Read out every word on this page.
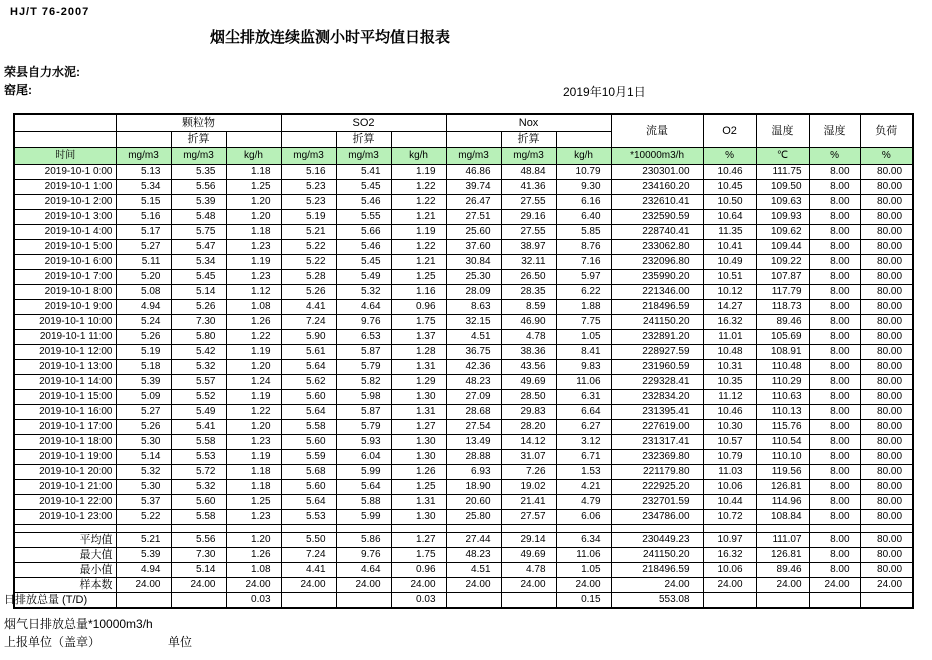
HJ/T 76-2007
烟尘排放连续监测小时平均值日报表
荣县自力水泥:
窑尾:	2019年10月1日
	颗粒物			SO2			Nox			流量	O2	温度	湿度	负荷
		折算			折算			折算						
时间	mg/m3	mg/m3	kg/h	mg/m3	mg/m3	kg/h	mg/m3	mg/m3	kg/h	*10000m3/h	%	℃	%	%
2019-10-1 0:00	5.13	5.35	1.18	5.16	5.41	1.19	46.86	48.84	10.79	230301.00	10.46	111.75	8.00	80.00
2019-10-1 1:00	5.34	5.56	1.25	5.23	5.45	1.22	39.74	41.36	9.30	234160.20	10.45	109.50	8.00	80.00
2019-10-1 2:00	5.15	5.39	1.20	5.23	5.46	1.22	26.47	27.55	6.16	232610.41	10.50	109.63	8.00	80.00
2019-10-1 3:00	5.16	5.48	1.20	5.19	5.55	1.21	27.51	29.16	6.40	232590.59	10.64	109.93	8.00	80.00
2019-10-1 4:00	5.17	5.75	1.18	5.21	5.66	1.19	25.60	27.55	5.85	228740.41	11.35	109.62	8.00	80.00
2019-10-1 5:00	5.27	5.47	1.23	5.22	5.46	1.22	37.60	38.97	8.76	233062.80	10.41	109.44	8.00	80.00
2019-10-1 6:00	5.11	5.34	1.19	5.22	5.45	1.21	30.84	32.11	7.16	232096.80	10.49	109.22	8.00	80.00
2019-10-1 7:00	5.20	5.45	1.23	5.28	5.49	1.25	25.30	26.50	5.97	235990.20	10.51	107.87	8.00	80.00
2019-10-1 8:00	5.08	5.14	1.12	5.26	5.32	1.16	28.09	28.35	6.22	221346.00	10.12	117.79	8.00	80.00
2019-10-1 9:00	4.94	5.26	1.08	4.41	4.64	0.96	8.63	8.59	1.88	218496.59	14.27	118.73	8.00	80.00
2019-10-1 10:00	5.24	7.30	1.26	7.24	9.76	1.75	32.15	46.90	7.75	241150.20	16.32	89.46	8.00	80.00
2019-10-1 11:00	5.26	5.80	1.22	5.90	6.53	1.37	4.51	4.78	1.05	232891.20	11.01	105.69	8.00	80.00
2019-10-1 12:00	5.19	5.42	1.19	5.61	5.87	1.28	36.75	38.36	8.41	228927.59	10.48	108.91	8.00	80.00
2019-10-1 13:00	5.18	5.32	1.20	5.64	5.79	1.31	42.36	43.56	9.83	231960.59	10.31	110.48	8.00	80.00
2019-10-1 14:00	5.39	5.57	1.24	5.62	5.82	1.29	48.23	49.69	11.06	229328.41	10.35	110.29	8.00	80.00
2019-10-1 15:00	5.09	5.52	1.19	5.60	5.98	1.30	27.09	28.50	6.31	232834.20	11.12	110.63	8.00	80.00
2019-10-1 16:00	5.27	5.49	1.22	5.64	5.87	1.31	28.68	29.83	6.64	231395.41	10.46	110.13	8.00	80.00
2019-10-1 17:00	5.26	5.41	1.20	5.58	5.79	1.27	27.54	28.20	6.27	227619.00	10.30	115.76	8.00	80.00
2019-10-1 18:00	5.30	5.58	1.23	5.60	5.93	1.30	13.49	14.12	3.12	231317.41	10.57	110.54	8.00	80.00
2019-10-1 19:00	5.14	5.53	1.19	5.59	6.04	1.30	28.88	31.07	6.71	232369.80	10.79	110.10	8.00	80.00
2019-10-1 20:00	5.32	5.72	1.18	5.68	5.99	1.26	6.93	7.26	1.53	221179.80	11.03	119.56	8.00	80.00
2019-10-1 21:00	5.30	5.32	1.18	5.60	5.64	1.25	18.90	19.02	4.21	222925.20	10.06	126.81	8.00	80.00
2019-10-1 22:00	5.37	5.60	1.25	5.64	5.88	1.31	20.60	21.41	4.79	232701.59	10.44	114.96	8.00	80.00
2019-10-1 23:00	5.22	5.58	1.23	5.53	5.99	1.30	25.80	27.57	6.06	234786.00	10.72	108.84	8.00	80.00

平均值	5.21	5.56	1.20	5.50	5.86	1.27	27.44	29.14	6.34	230449.23	10.97	111.07	8.00	80.00
最大值	5.39	7.30	1.26	7.24	9.76	1.75	48.23	49.69	11.06	241150.20	16.32	126.81	8.00	80.00
最小值	4.94	5.14	1.08	4.41	4.64	0.96	4.51	4.78	1.05	218496.59	10.06	89.46	8.00	80.00
样本数	24.00	24.00	24.00	24.00	24.00	24.00	24.00	24.00	24.00	24.00	24.00	24.00	24.00	24.00
日排放总量 (T/D)			0.03			0.03			0.15	553.08				
烟气日排放总量*10000m3/h
上报单位（盖章）	单位
